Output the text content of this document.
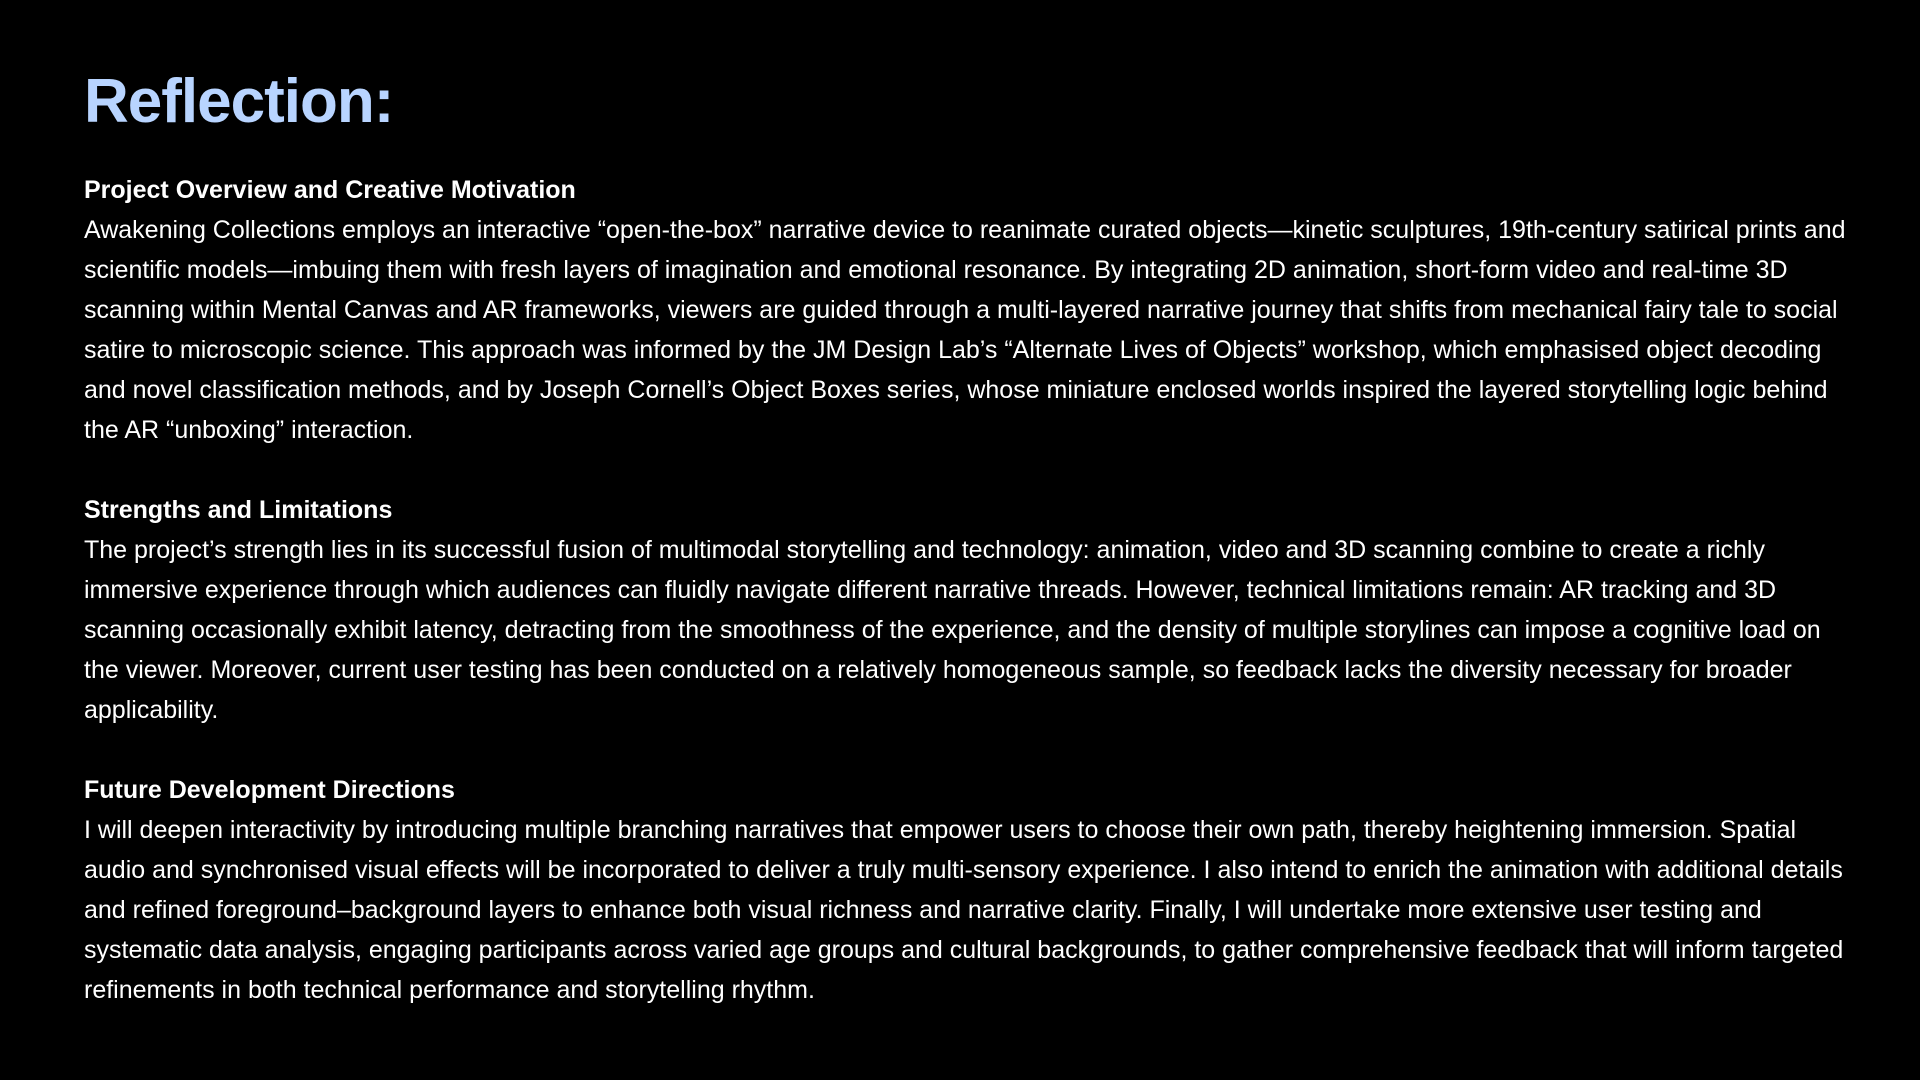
Reflection:
Project Overview and Creative Motivation

Awakening Collections employs an interactive “open-the-box” narrative device to reanimate curated objects—kinetic sculptures, 19th-century satirical prints and scientific models—imbuing them with fresh layers of imagination and emotional resonance. By integrating 2D animation, short-form video and real-time 3D scanning within Mental Canvas and AR frameworks, viewers are guided through a multi-layered narrative journey that shifts from mechanical fairy tale to social satire to microscopic science. This approach was informed by the JM Design Lab’s “Alternate Lives of Objects” workshop, which emphasised object decoding and novel classification methods, and by Joseph Cornell’s Object Boxes series, whose miniature enclosed worlds inspired the layered storytelling logic behind the AR “unboxing” interaction.

Strengths and Limitations

The project’s strength lies in its successful fusion of multimodal storytelling and technology: animation, video and 3D scanning combine to create a richly immersive experience through which audiences can fluidly navigate different narrative threads. However, technical limitations remain: AR tracking and 3D scanning occasionally exhibit latency, detracting from the smoothness of the experience, and the density of multiple storylines can impose a cognitive load on the viewer. Moreover, current user testing has been conducted on a relatively homogeneous sample, so feedback lacks the diversity necessary for broader applicability.

Future Development Directions

I will deepen interactivity by introducing multiple branching narratives that empower users to choose their own path, thereby heightening immersion. Spatial audio and synchronised visual effects will be incorporated to deliver a truly multi-sensory experience. I also intend to enrich the animation with additional details and refined foreground–background layers to enhance both visual richness and narrative clarity. Finally, I will undertake more extensive user testing and systematic data analysis, engaging participants across varied age groups and cultural backgrounds, to gather comprehensive feedback that will inform targeted refinements in both technical performance and storytelling rhythm.
